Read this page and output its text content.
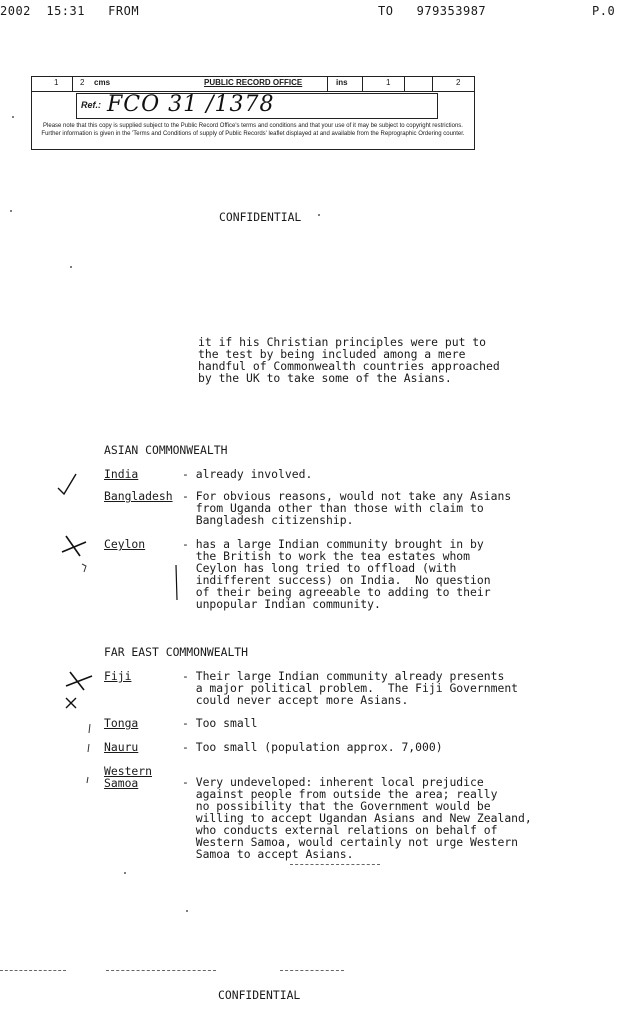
2002  15:31   FROM	TO   979353987	P.0
1	2 cms	PUBLIC RECORD OFFICE	ins	1	2
Ref.: FCO 31 /1378
Please note that this copy is supplied subject to the Public Record Office's terms and conditions and that your use of it may be subject to copyright restrictions. Further information is given in the 'Terms and Conditions of supply of Public Records' leaflet displayed at and available from the Reprographic Ordering counter.
CONFIDENTIAL
it if his Christian principles were put to
the test by being included among a mere
handful of Commonwealth countries approached
by the UK to take some of the Asians.
ASIAN COMMONWEALTH
India	- already involved.
Bangladesh - For obvious reasons, would not take any Asians
from Uganda other than those with claim to
Bangladesh citizenship.
Ceylon	- has a large Indian community brought in by
the British to work the tea estates whom
Ceylon has long tried to offload (with
indifferent success) on India.  No question
of their being agreeable to adding to their
unpopular Indian community.
FAR EAST COMMONWEALTH
Fiji	- Their large Indian community already presents
a major political problem.  The Fiji Government
could never accept more Asians.
Tonga	- Too small
Nauru	- Too small (population approx. 7,000)
Western
Samoa	- Very undeveloped: inherent local prejudice
against people from outside the area; really
no possibility that the Government would be
willing to accept Ugandan Asians and New Zealand,
who conducts external relations on behalf of
Western Samoa, would certainly not urge Western
Samoa to accept Asians.
CONFIDENTIAL
